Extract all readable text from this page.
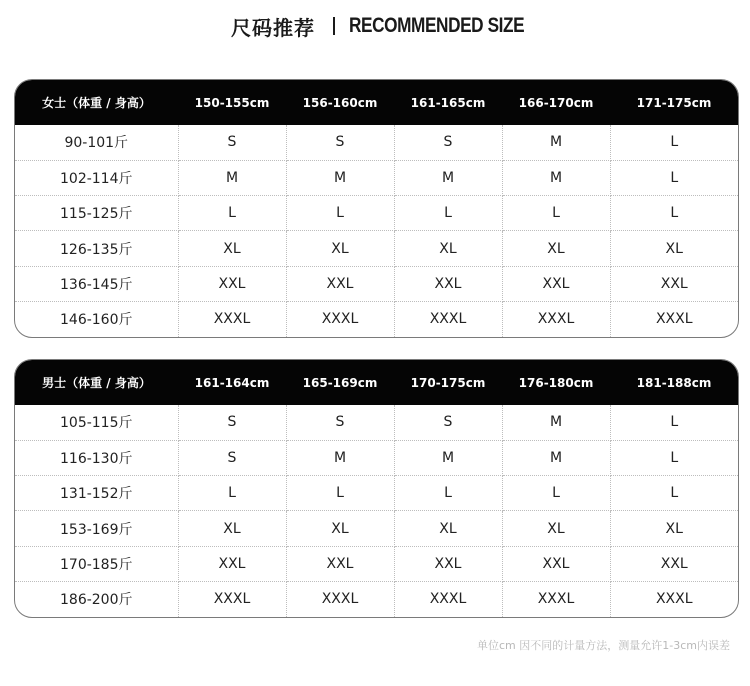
尺码推荐 RECOMMENDED SIZE
女士（体重 / 身高）	150-155cm	156-160cm	161-165cm	166-170cm	171-175cm
90-101斤	S	S	S	M	L
102-114斤	M	M	M	M	L
115-125斤	L	L	L	L	L
126-135斤	XL	XL	XL	XL	XL
136-145斤	XXL	XXL	XXL	XXL	XXL
146-160斤	XXXL	XXXL	XXXL	XXXL	XXXL
男士（体重 / 身高）	161-164cm	165-169cm	170-175cm	176-180cm	181-188cm
105-115斤	S	S	S	M	L
116-130斤	S	M	M	M	L
131-152斤	L	L	L	L	L
153-169斤	XL	XL	XL	XL	XL
170-185斤	XXL	XXL	XXL	XXL	XXL
186-200斤	XXXL	XXXL	XXXL	XXXL	XXXL
单位cm 因不同的计量方法，测量允许1-3cm内误差
